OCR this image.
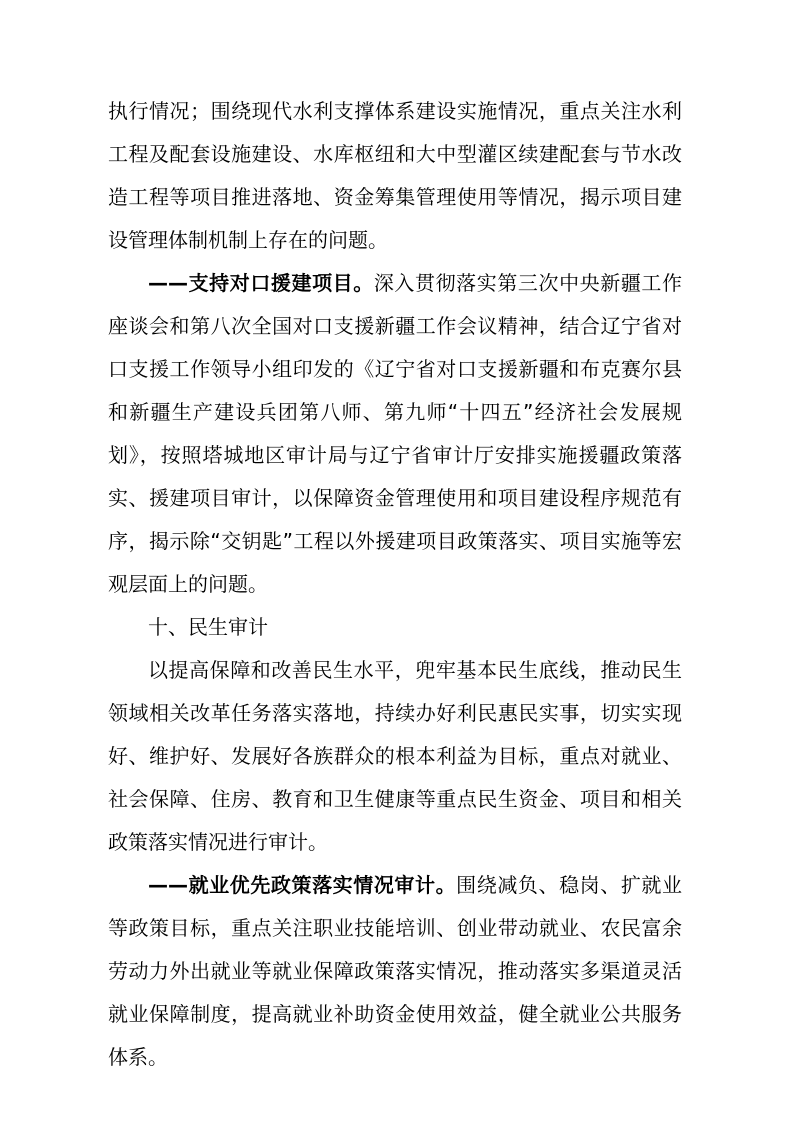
执行情况；围绕现代水利支撑体系建设实施情况，重点关注水利工程及配套设施建设、水库枢纽和大中型灌区续建配套与节水改造工程等项目推进落地、资金筹集管理使用等情况，揭示项目建设管理体制机制上存在的问题。

——支持对口援建项目。深入贯彻落实第三次中央新疆工作座谈会和第八次全国对口支援新疆工作会议精神，结合辽宁省对口支援工作领导小组印发的《辽宁省对口支援新疆和布克赛尔县和新疆生产建设兵团第八师、第九师“十四五”经济社会发展规划》，按照塔城地区审计局与辽宁省审计厅安排实施援疆政策落实、援建项目审计，以保障资金管理使用和项目建设程序规范有序，揭示除“交钥匙”工程以外援建项目政策落实、项目实施等宏观层面上的问题。

十、民生审计

以提高保障和改善民生水平，兜牢基本民生底线，推动民生领域相关改革任务落实落地，持续办好利民惠民实事，切实实现好、维护好、发展好各族群众的根本利益为目标，重点对就业、社会保障、住房、教育和卫生健康等重点民生资金、项目和相关政策落实情况进行审计。

——就业优先政策落实情况审计。围绕减负、稳岗、扩就业等政策目标，重点关注职业技能培训、创业带动就业、农民富余劳动力外出就业等就业保障政策落实情况，推动落实多渠道灵活就业保障制度，提高就业补助资金使用效益，健全就业公共服务体系。
